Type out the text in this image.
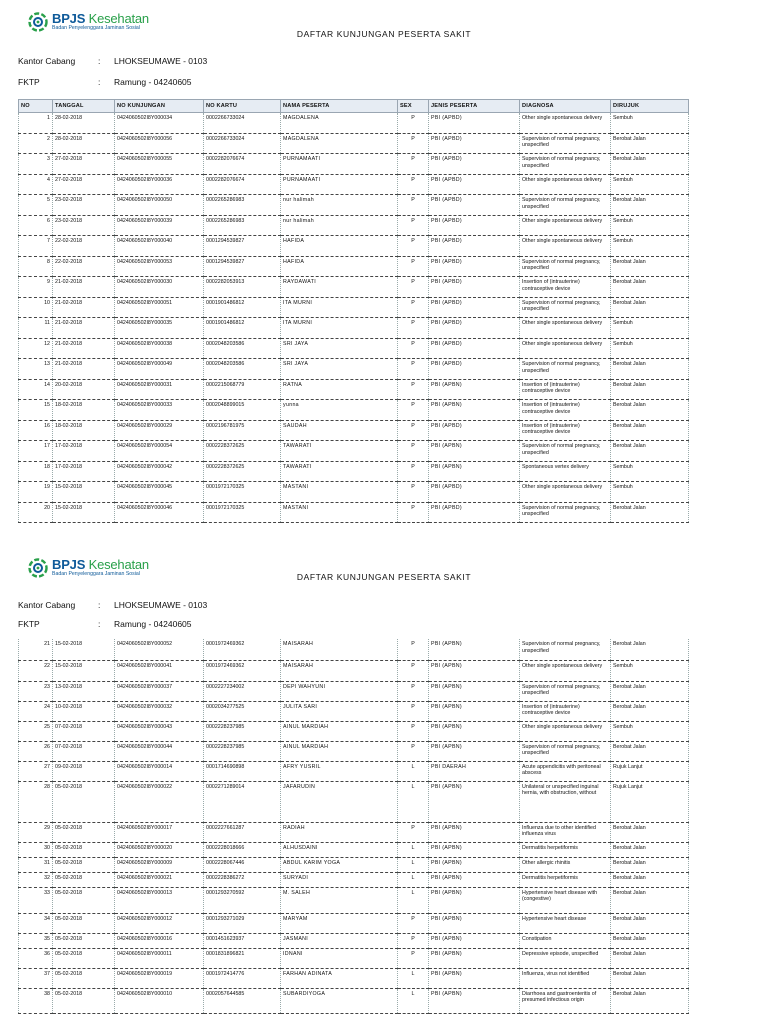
BPJS Kesehatan
Badan Penyelenggara Jaminan Sosial
DAFTAR KUNJUNGAN PESERTA SAKIT
Kantor Cabang	:	LHOKSEUMAWE - 0103
FKTP	:	Ramung - 04240605
NO	TANGGAL	NO KUNJUNGAN	NO KARTU	NAMA PESERTA	SEX	JENIS PESERTA	DIAGNOSA	DIRUJUK
1	28-02-2018	0424060502I8Y000034	0002266733024	MAGDALENA	P	PBI (APBD)	Other single spontaneous delivery	Sembuh
2	28-02-2018	0424060502I8Y000056	0002266733024	MAGDALENA	P	PBI (APBD)	Supervision of normal pregnancy, unspecified	Berobat Jalan
3	27-02-2018	0424060502I8Y000055	0002282076674	PURNAMAATI	P	PBI (APBD)	Supervision of normal pregnancy, unspecified	Berobat Jalan
4	27-02-2018	0424060502I8Y000036	0002282076674	PURNAMAATI	P	PBI (APBD)	Other single spontaneous delivery	Sembuh
5	23-02-2018	0424060502I8Y000050	0002265286983	nur halimah	P	PBI (APBD)	Supervision of normal pregnancy, unspecified	Berobat Jalan
6	23-02-2018	0424060502I8Y000039	0002265286983	nur halimah	P	PBI (APBD)	Other single spontaneous delivery	Sembuh
7	22-02-2018	0424060502I8Y000040	0001294539827	HAFIDA	P	PBI (APBD)	Other single spontaneous delivery	Sembuh
8	22-02-2018	0424060502I8Y000053	0001294539827	HAFIDA	P	PBI (APBD)	Supervision of normal pregnancy, unspecified	Berobat Jalan
9	21-02-2018	0424060502I8Y000030	0002282053913	RAYDAWATI	P	PBI (APBD)	Insertion of (intrauterine) contraceptive device	Berobat Jalan
10	21-02-2018	0424060502I8Y000051	0001901486812	ITA MURNI	P	PBI (APBD)	Supervision of normal pregnancy, unspecified	Berobat Jalan
11	21-02-2018	0424060502I8Y000035	0001901486812	ITA MURNI	P	PBI (APBD)	Other single spontaneous delivery	Sembuh
12	21-02-2018	0424060502I8Y000038	0002048203586	SRI JAYA	P	PBI (APBD)	Other single spontaneous delivery	Sembuh
13	21-02-2018	0424060502I8Y000049	0002048203586	SRI JAYA	P	PBI (APBD)	Supervision of normal pregnancy, unspecified	Berobat Jalan
14	20-02-2018	0424060502I8Y000031	0002215068779	RATNA	P	PBI (APBN)	Insertion of (intrauterine) contraceptive device	Berobat Jalan
15	18-02-2018	0424060502I8Y000033	0002048899015	yunna	P	PBI (APBN)	Insertion of (intrauterine) contraceptive device	Berobat Jalan
16	18-02-2018	0424060502I8Y000029	0002196781975	SAUDAH	P	PBI (APBD)	Insertion of (intrauterine) contraceptive device	Berobat Jalan
17	17-02-2018	0424060502I8Y000054	0002228372625	TAWARATI	P	PBI (APBN)	Supervision of normal pregnancy, unspecified	Berobat Jalan
18	17-02-2018	0424060502I8Y000042	0002228372625	TAWARATI	P	PBI (APBN)	Spontaneous vertex delivery	Sembuh
19	15-02-2018	0424060502I8Y000045	0001972170325	MASTANI	P	PBI (APBD)	Other single spontaneous delivery	Sembuh
20	15-02-2018	0424060502I8Y000046	0001972170325	MASTANI	P	PBI (APBD)	Supervision of normal pregnancy, unspecified	Berobat Jalan
BPJS Kesehatan
Badan Penyelenggara Jaminan Sosial	DAFTAR KUNJUNGAN PESERTA SAKIT
Kantor Cabang	:	LHOKSEUMAWE - 0103
FKTP	:	Ramung - 04240605
21	15-02-2018	0424060502I8Y000052	0001972469362	MAISARAH	P	PBI (APBN)	Supervision of normal pregnancy, unspecified	Berobat Jalan
22	15-02-2018	0424060502I8Y000041	0001972469362	MAISARAH	P	PBI (APBN)	Other single spontaneous delivery	Sembuh
23	13-02-2018	0424060502I8Y000037	0002227234002	DEPI WAHYUNI	P	PBI (APBN)	Supervision of normal pregnancy, unspecified	Berobat Jalan
24	10-02-2018	0424060502I8Y000032	0002034277525	JULITA SARI	P	PBI (APBN)	Insertion of (intrauterine) contraceptive device	Berobat Jalan
25	07-02-2018	0424060502I8Y000043	0002228237985	AINUL MARDIAH	P	PBI (APBN)	Other single spontaneous delivery	Sembuh
26	07-02-2018	0424060502I8Y000044	0002228237985	AINUL MARDIAH	P	PBI (APBN)	Supervision of normal pregnancy, unspecified	Berobat Jalan
27	09-02-2018	0424060502I8Y000014	0001714690898	AFRY YUSRIL	L	PBI DAERAH	Acute appendicitis with peritoneal abscess	Rujuk Lanjut
28	05-02-2018	0424060502I8Y000022	0002271289014	JAFARUDIN	L	PBI (APBN)	Unilateral or unspecified inguinal hernia, with obstruction, without	Rujuk Lanjut
29	05-02-2018	0424060502I8Y000017	0002227661287	RADIAH	P	PBI (APBN)	Influenza due to other identified influenza virus	Berobat Jalan
30	05-02-2018	0424060502I8Y000020	0002228018666	ALHUSDAINI	L	PBI (APBN)	Dermatitis herpetiformis	Berobat Jalan
31	05-02-2018	0424060502I8Y000009	0002228067446	ABDUL KARIM YOGA	L	PBI (APBN)	Other allergic rhinitis	Berobat Jalan
32	05-02-2018	0424060502I8Y000021	0002228386272	SURYADI	L	PBI (APBN)	Dermatitis herpetiformis	Berobat Jalan
33	05-02-2018	0424060502I8Y000013	0001293270592	M. SALEH	L	PBI (APBN)	Hypertensive heart disease with (congestive)	Berobat Jalan
34	05-02-2018	0424060502I8Y000012	0001293271029	MARYAM	P	PBI (APBN)	Hypertensive heart disease	Berobat Jalan
35	05-02-2018	0424060502I8Y000016	0001451623937	JASMANI	P	PBI (APBN)	Constipation	Berobat Jalan
36	05-02-2018	0424060502I8Y000011	0001831896821	IDNANI	P	PBI (APBN)	Depressive episode, unspecified	Berobat Jalan
37	05-02-2018	0424060502I8Y000019	0001972414776	FARHAN ADINATA	L	PBI (APBN)	Influenza, virus not identified	Berobat Jalan
38	05-02-2018	0424060502I8Y000010	0002057644585	SUBARDIYOGA	L	PBI (APBN)	Diarrhoea and gastroenteritis of presumed infectious origin	Berobat Jalan
